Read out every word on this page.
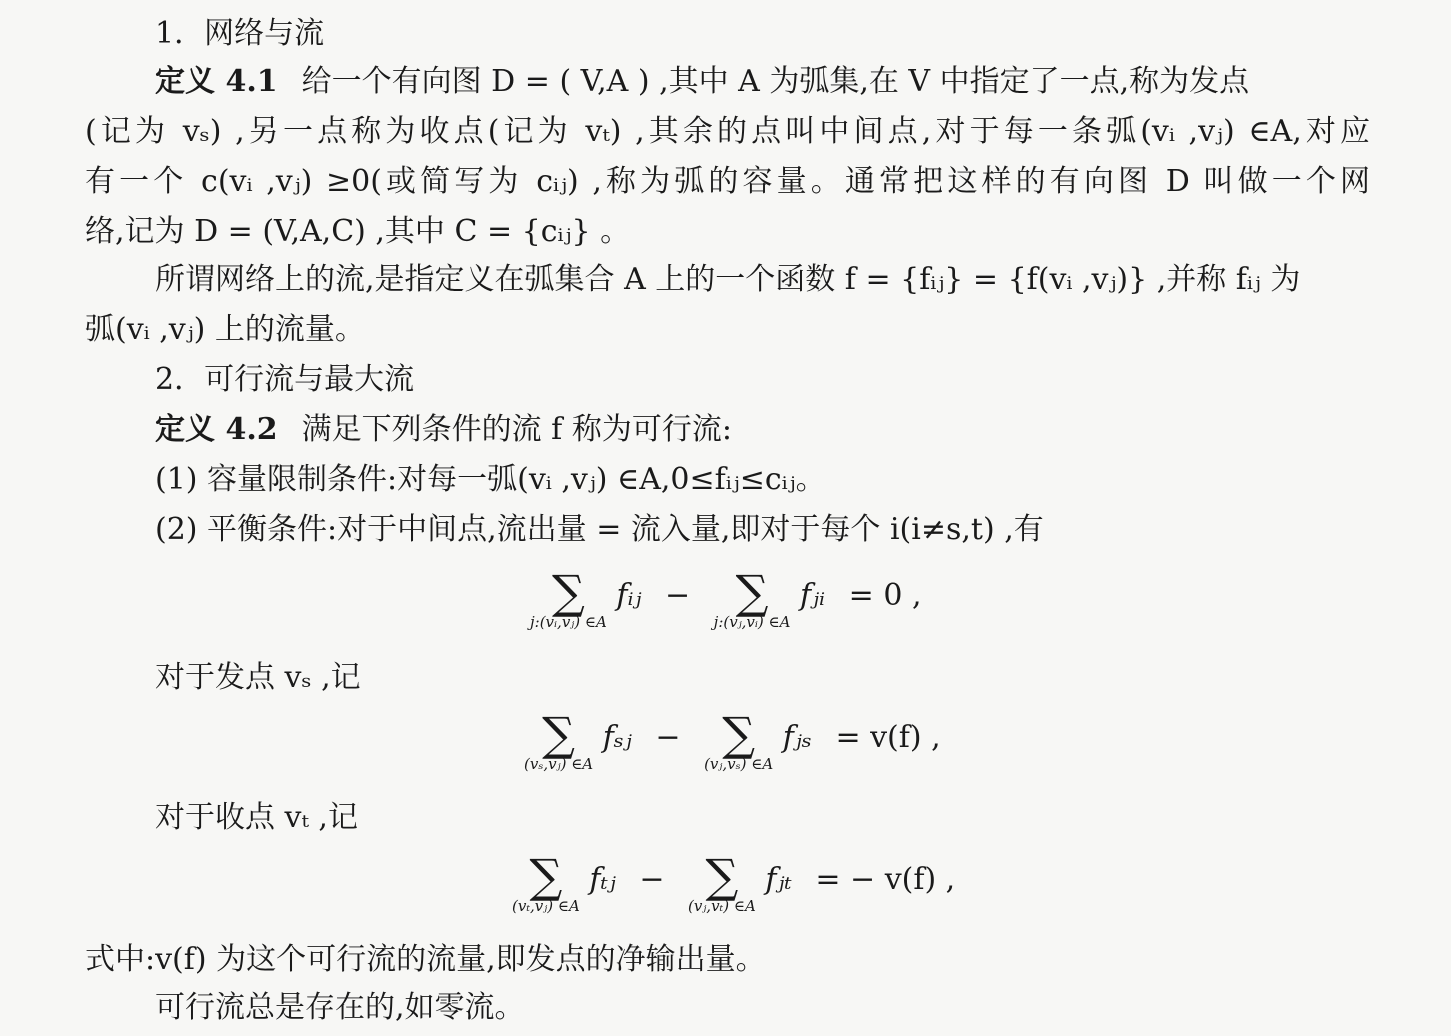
1．网络与流
定义 4.1 给一个有向图 D = ( V,A ) ,其中 A 为弧集,在 V 中指定了一点,称为发点
(记为 vₛ) ,另一点称为收点(记为 vₜ) ,其余的点叫中间点,对于每一条弧(vᵢ ,vⱼ) ∈A,对应
有一个 c(vᵢ ,vⱼ) ≥0(或简写为 cᵢⱼ) ,称为弧的容量。通常把这样的有向图 D 叫做一个网
络,记为 D = (V,A,C) ,其中 C = {cᵢⱼ} 。
所谓网络上的流,是指定义在弧集合 A 上的一个函数 f = {fᵢⱼ} = {f(vᵢ ,vⱼ)} ,并称 fᵢⱼ 为
弧(vᵢ ,vⱼ) 上的流量。
2．可行流与最大流
定义 4.2 满足下列条件的流 f 称为可行流:
(1) 容量限制条件:对每一弧(vᵢ ,vⱼ) ∈A,0≤fᵢⱼ≤cᵢⱼ。
(2) 平衡条件:对于中间点,流出量 = 流入量,即对于每个 i(i≠s,t) ,有
∑
j:(vᵢ,vⱼ) ∈A
fᵢⱼ − ∑
j:(vⱼ,vᵢ) ∈A
fⱼᵢ = 0 ,
对于发点 vₛ ,记
∑
(vₛ,vⱼ) ∈A
fₛⱼ − ∑
(vⱼ,vₛ) ∈A
fⱼₛ = v(f) ,
对于收点 vₜ ,记
∑
(vₜ,vⱼ) ∈A
fₜⱼ − ∑
(vⱼ,vₜ) ∈A
fⱼₜ = − v(f) ,
式中:v(f) 为这个可行流的流量,即发点的净输出量。
可行流总是存在的,如零流。
